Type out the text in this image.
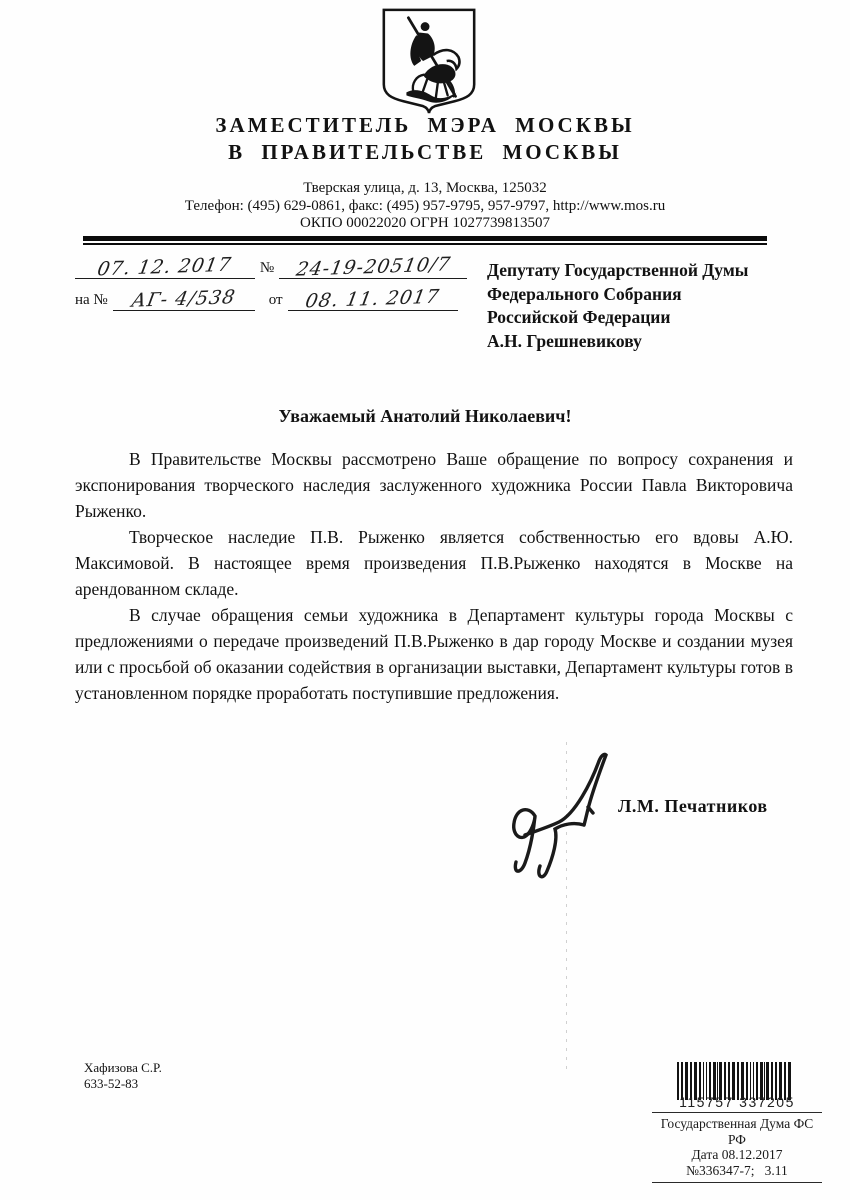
ЗАМЕСТИТЕЛЬ МЭРА МОСКВЫ
В ПРАВИТЕЛЬСТВЕ МОСКВЫ
Тверская улица, д. 13, Москва, 125032
Телефон: (495) 629-0861, факс: (495) 957-9795, 957-9797, http://www.mos.ru
ОКПО 00022020 ОГРН 1027739813507
07. 12. 2017	№	24-19-20510/7
на №	АГ- 4/538	от	08. 11. 2017
Депутату Государственной Думы
Федерального Собрания
Российской Федерации
А.Н. Грешневикову
Уважаемый Анатолий Николаевич!

В Правительстве Москвы рассмотрено Ваше обращение по вопросу сохранения и экспонирования творческого наследия заслуженного художника России Павла Викторовича Рыженко.

Творческое наследие П.В. Рыженко является собственностью его вдовы А.Ю. Максимовой. В настоящее время произведения П.В.Рыженко находятся в Москве на арендованном складе.

В случае обращения семьи художника в Департамент культуры города Москвы с предложениями о передаче произведений П.В.Рыженко в дар городу Москве и создании музея или с просьбой об оказании содействия в организации выставки, Департамент культуры готов в установленном порядке проработать поступившие предложения.

Л.М. Печатников
Хафизова С.Р.
633-52-83
115757 337205
Государственная Дума ФС РФ
Дата 08.12.2017
№336347-7;   3.11
